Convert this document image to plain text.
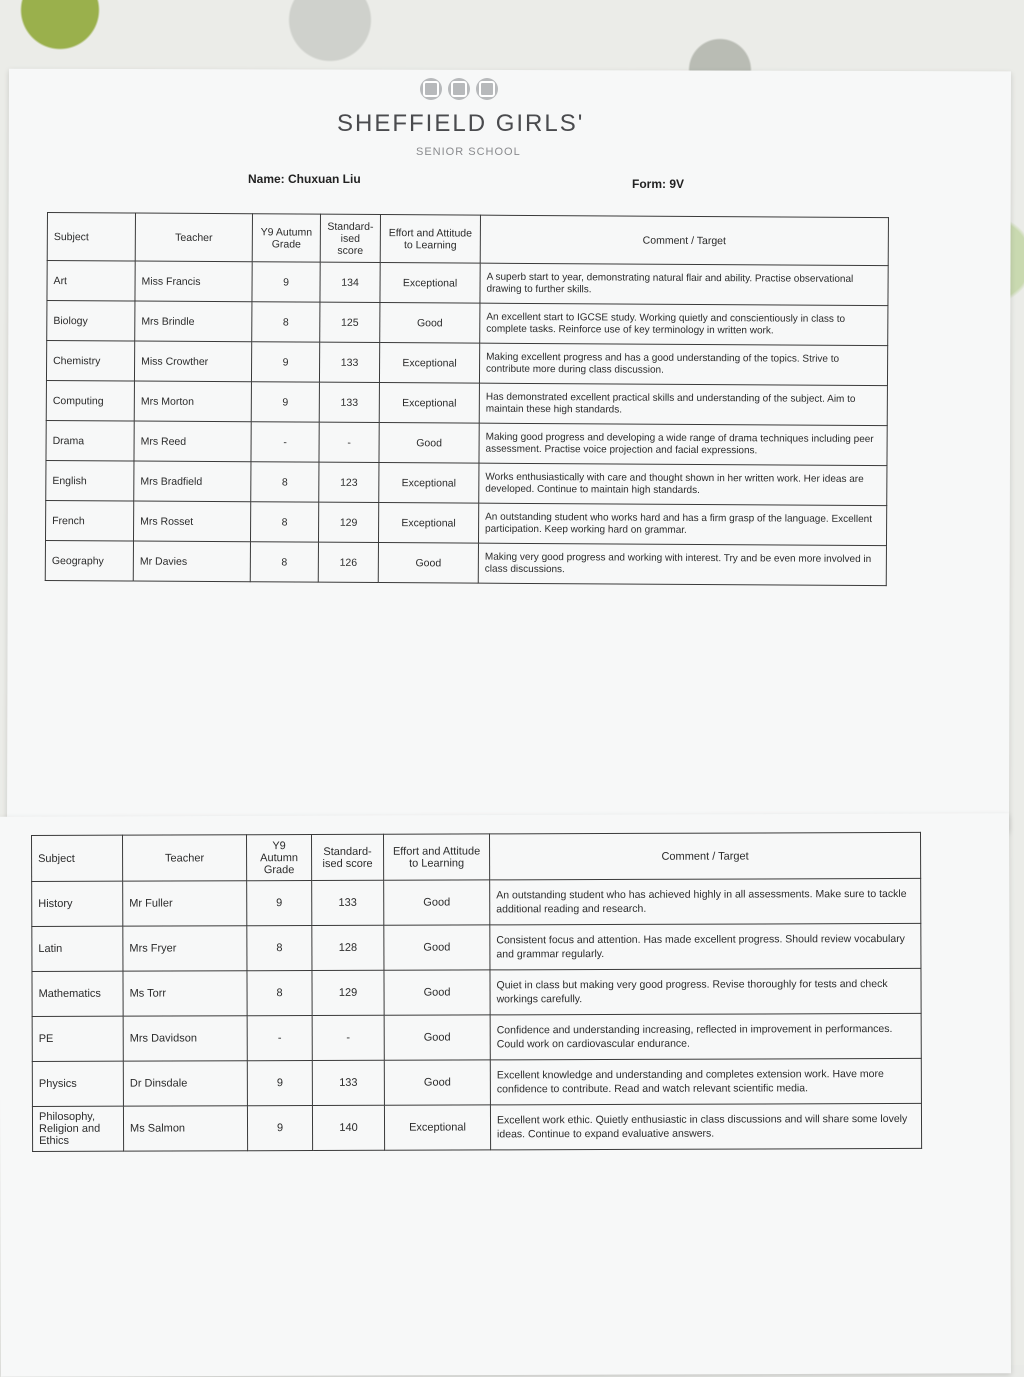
SHEFFIELD GIRLS'
SENIOR SCHOOL
Name: Chuxuan Liu	Form: 9V
Subject	Teacher	Y9 Autumn Grade	Standard-ised score	Effort and Attitude to Learning	Comment / Target
Art	Miss Francis	9	134	Exceptional	A superb start to year, demonstrating natural flair and ability. Practise observational drawing to further skills.
Biology	Mrs Brindle	8	125	Good	An excellent start to IGCSE study. Working quietly and conscientiously in class to complete tasks. Reinforce use of key terminology in written work.
Chemistry	Miss Crowther	9	133	Exceptional	Making excellent progress and has a good understanding of the topics. Strive to contribute more during class discussion.
Computing	Mrs Morton	9	133	Exceptional	Has demonstrated excellent practical skills and understanding of the subject. Aim to maintain these high standards.
Drama	Mrs Reed	-	-	Good	Making good progress and developing a wide range of drama techniques including peer assessment. Practise voice projection and facial expressions.
English	Mrs Bradfield	8	123	Exceptional	Works enthusiastically with care and thought shown in her written work. Her ideas are developed. Continue to maintain high standards.
French	Mrs Rosset	8	129	Exceptional	An outstanding student who works hard and has a firm grasp of the language. Excellent participation. Keep working hard on grammar.
Geography	Mr Davies	8	126	Good	Making very good progress and working with interest. Try and be even more involved in class discussions.
Subject	Teacher	Y9 Autumn Grade	Standard-ised score	Effort and Attitude to Learning	Comment / Target
History	Mr Fuller	9	133	Good	An outstanding student who has achieved highly in all assessments. Make sure to tackle additional reading and research.
Latin	Mrs Fryer	8	128	Good	Consistent focus and attention. Has made excellent progress. Should review vocabulary and grammar regularly.
Mathematics	Ms Torr	8	129	Good	Quiet in class but making very good progress. Revise thoroughly for tests and check workings carefully.
PE	Mrs Davidson	-	-	Good	Confidence and understanding increasing, reflected in improvement in performances. Could work on cardiovascular endurance.
Physics	Dr Dinsdale	9	133	Good	Excellent knowledge and understanding and completes extension work. Have more confidence to contribute. Read and watch relevant scientific media.
Philosophy, Religion and Ethics	Ms Salmon	9	140	Exceptional	Excellent work ethic. Quietly enthusiastic in class discussions and will share some lovely ideas. Continue to expand evaluative answers.
